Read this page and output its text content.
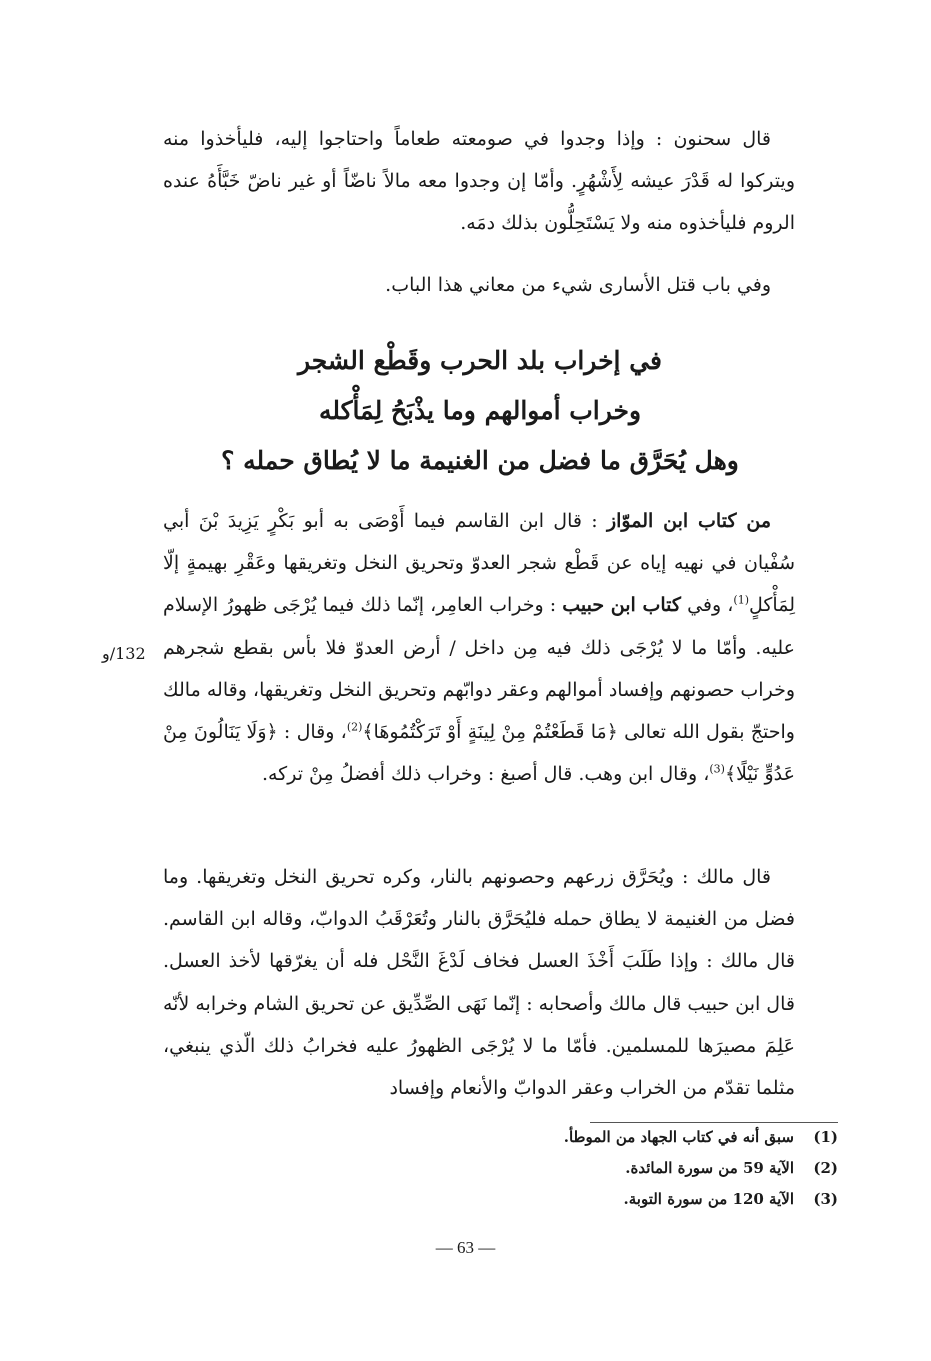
قال سحنون : وإذا وجدوا في صومعته طعاماً واحتاجوا إليه، فليأخذوا منه ويتركوا له قَدْرَ عيشه لِأَشْهُرٍ. وأمّا إن وجدوا معه مالاً ناضّاً أو غير ناضّ خَبَّأَهُ عنده الروم فليأخذوه منه ولا يَسْتَحِلُّون بذلك دمَه.

وفي باب قتل الأسارى شيء من معاني هذا الباب.

في إخراب بلد الحرب وقَطْع الشجر
وخراب أموالهم وما يذْبَحُ لِمَأْكله
وهل يُحَرَّق ما فضل من الغنيمة ما لا يُطاق حمله ؟

من كتاب ابن الموّاز : قال ابن القاسم فيما أَوْصَى به أبو بَكْرٍ يَزِيدَ بْنَ أبي سُفْيان في نهيه إياه عن قَطْع شجر العدوّ وتحريق النخل وتغريقها وعَقْرِ بهيمةٍ إلّا لِمَأْكلٍ$^{(1)}$، وفي كتاب ابن حبيب : وخراب العامِر، إنّما ذلك فيما يُرْجَى ظهورُ الإسلام عليه. وأمّا ما لا يُرْجَى ذلك فيه مِن داخل / أرض العدوّ فلا بأس بقطع شجرهم وخراب حصونهم وإفساد أموالهم وعقر دوابّهم وتحريق النخل وتغريقها، وقاله مالك واحتجّ بقول الله تعالى ﴿مَا قَطَعْتُمْ مِنْ لِينَةٍ أَوْ تَرَكْتُمُوهَا﴾$^{(2)}$، وقال : ﴿وَلَا يَنَالُونَ مِنْ عَدُوٍّ نَيْلًا﴾$^{(3)}$، وقال ابن وهب. قال أصبغ : وخراب ذلك أفضلُ مِنْ تركه.

132/و

قال مالك : ويُحَرَّق زرعهم وحصونهم بالنار، وكره تحريق النخل وتغريقها. وما فضل من الغنيمة لا يطاق حمله فليُحَرَّق بالنار وتُعَرْقَبُ الدوابّ، وقاله ابن القاسم. قال مالك : وإذا طَلَبَ أَخْذَ العسل فخاف لَدْغَ النَّحْل فله أن يغرّقها لأخذ العسل. قال ابن حبيب قال مالك وأصحابه : إنّما نَهَى الصِّدِّيق عن تحريق الشام وخرابه لأنّه عَلِمَ مصيرَها للمسلمين. فأمّا ما لا يُرْجَى الظهورُ عليه فخرابُ ذلك الّذي ينبغي، مثلما تقدّم من الخراب وعقر الدوابّ والأنعام وإفساد

(1)
سبق أنه في كتاب الجهاد من الموطأ.
(2)
الآية 59 من سورة المائدة.
(3)
الآية 120 من سورة التوبة.
— 63 —
